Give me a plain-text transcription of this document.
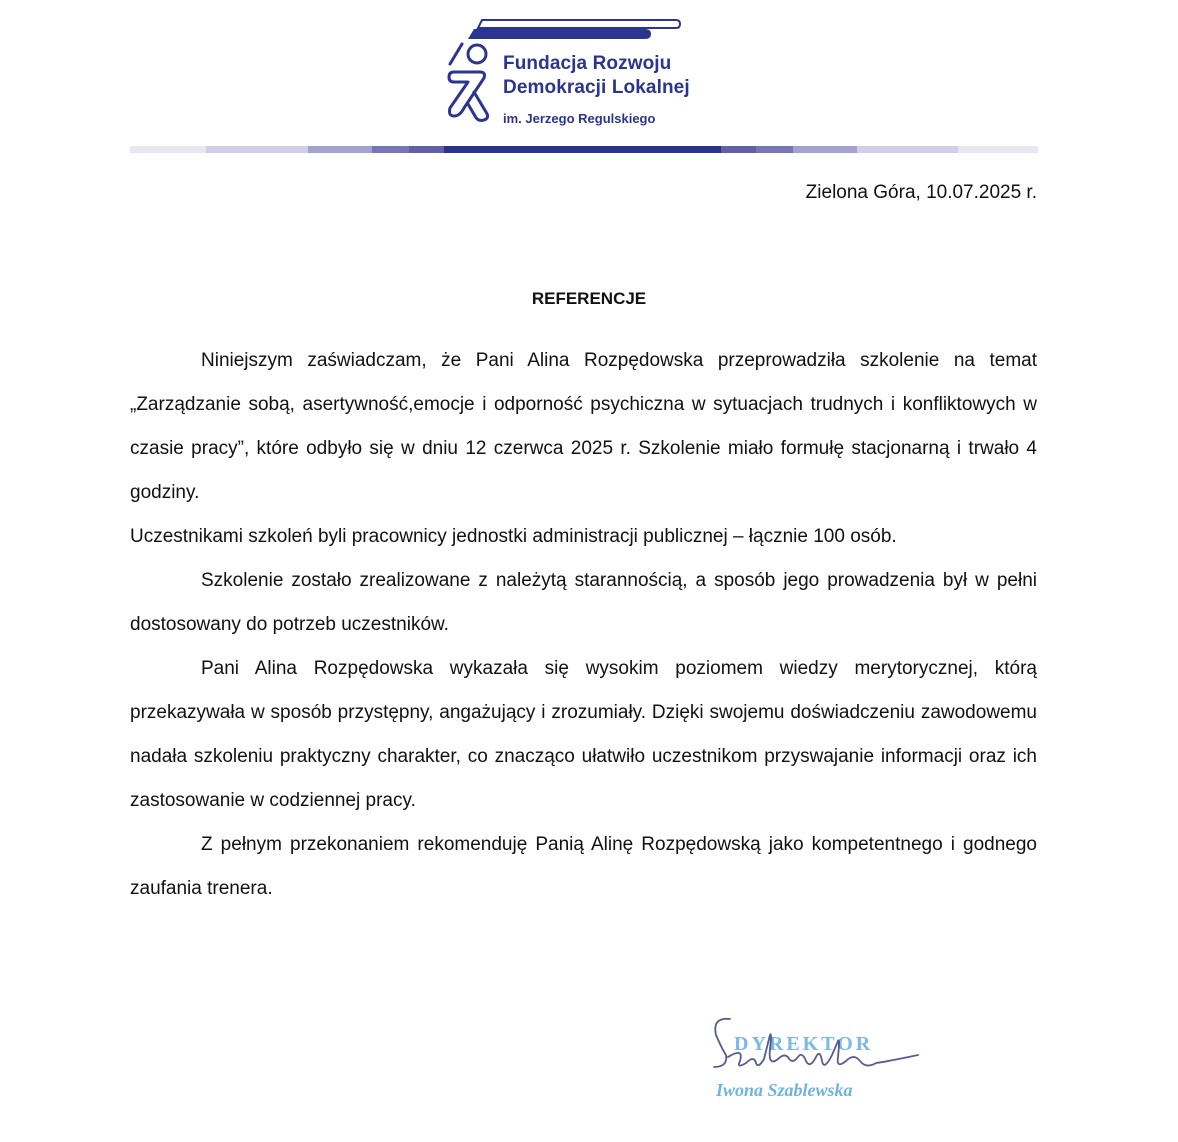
Fundacja Rozwoju
Demokracji Lokalnej
im. Jerzego Regulskiego
Zielona Góra, 10.07.2025 r.
REFERENCJE

Niniejszym zaświadczam, że Pani Alina Rozpędowska przeprowadziła szkolenie na temat „Zarządzanie sobą, asertywność,emocje i odporność psychiczna w sytuacjach trudnych i konfliktowych w czasie pracy”, które odbyło się w dniu 12 czerwca 2025 r. Szkolenie miało formułę stacjonarną i trwało 4 godziny.

Uczestnikami szkoleń byli pracownicy jednostki administracji publicznej – łącznie 100 osób.

Szkolenie zostało zrealizowane z należytą starannością, a sposób jego prowadzenia był w pełni dostosowany do potrzeb uczestników.

Pani Alina Rozpędowska wykazała się wysokim poziomem wiedzy merytorycznej, którą przekazywała w sposób przystępny, angażujący i zrozumiały. Dzięki swojemu doświadczeniu zawodowemu nadała szkoleniu praktyczny charakter, co znacząco ułatwiło uczestnikom przyswajanie informacji oraz ich zastosowanie w codziennej pracy.

Z pełnym przekonaniem rekomenduję Panią Alinę Rozpędowską jako kompetentnego i godnego zaufania trenera.

DYREKTOR
Iwona Szablewska
